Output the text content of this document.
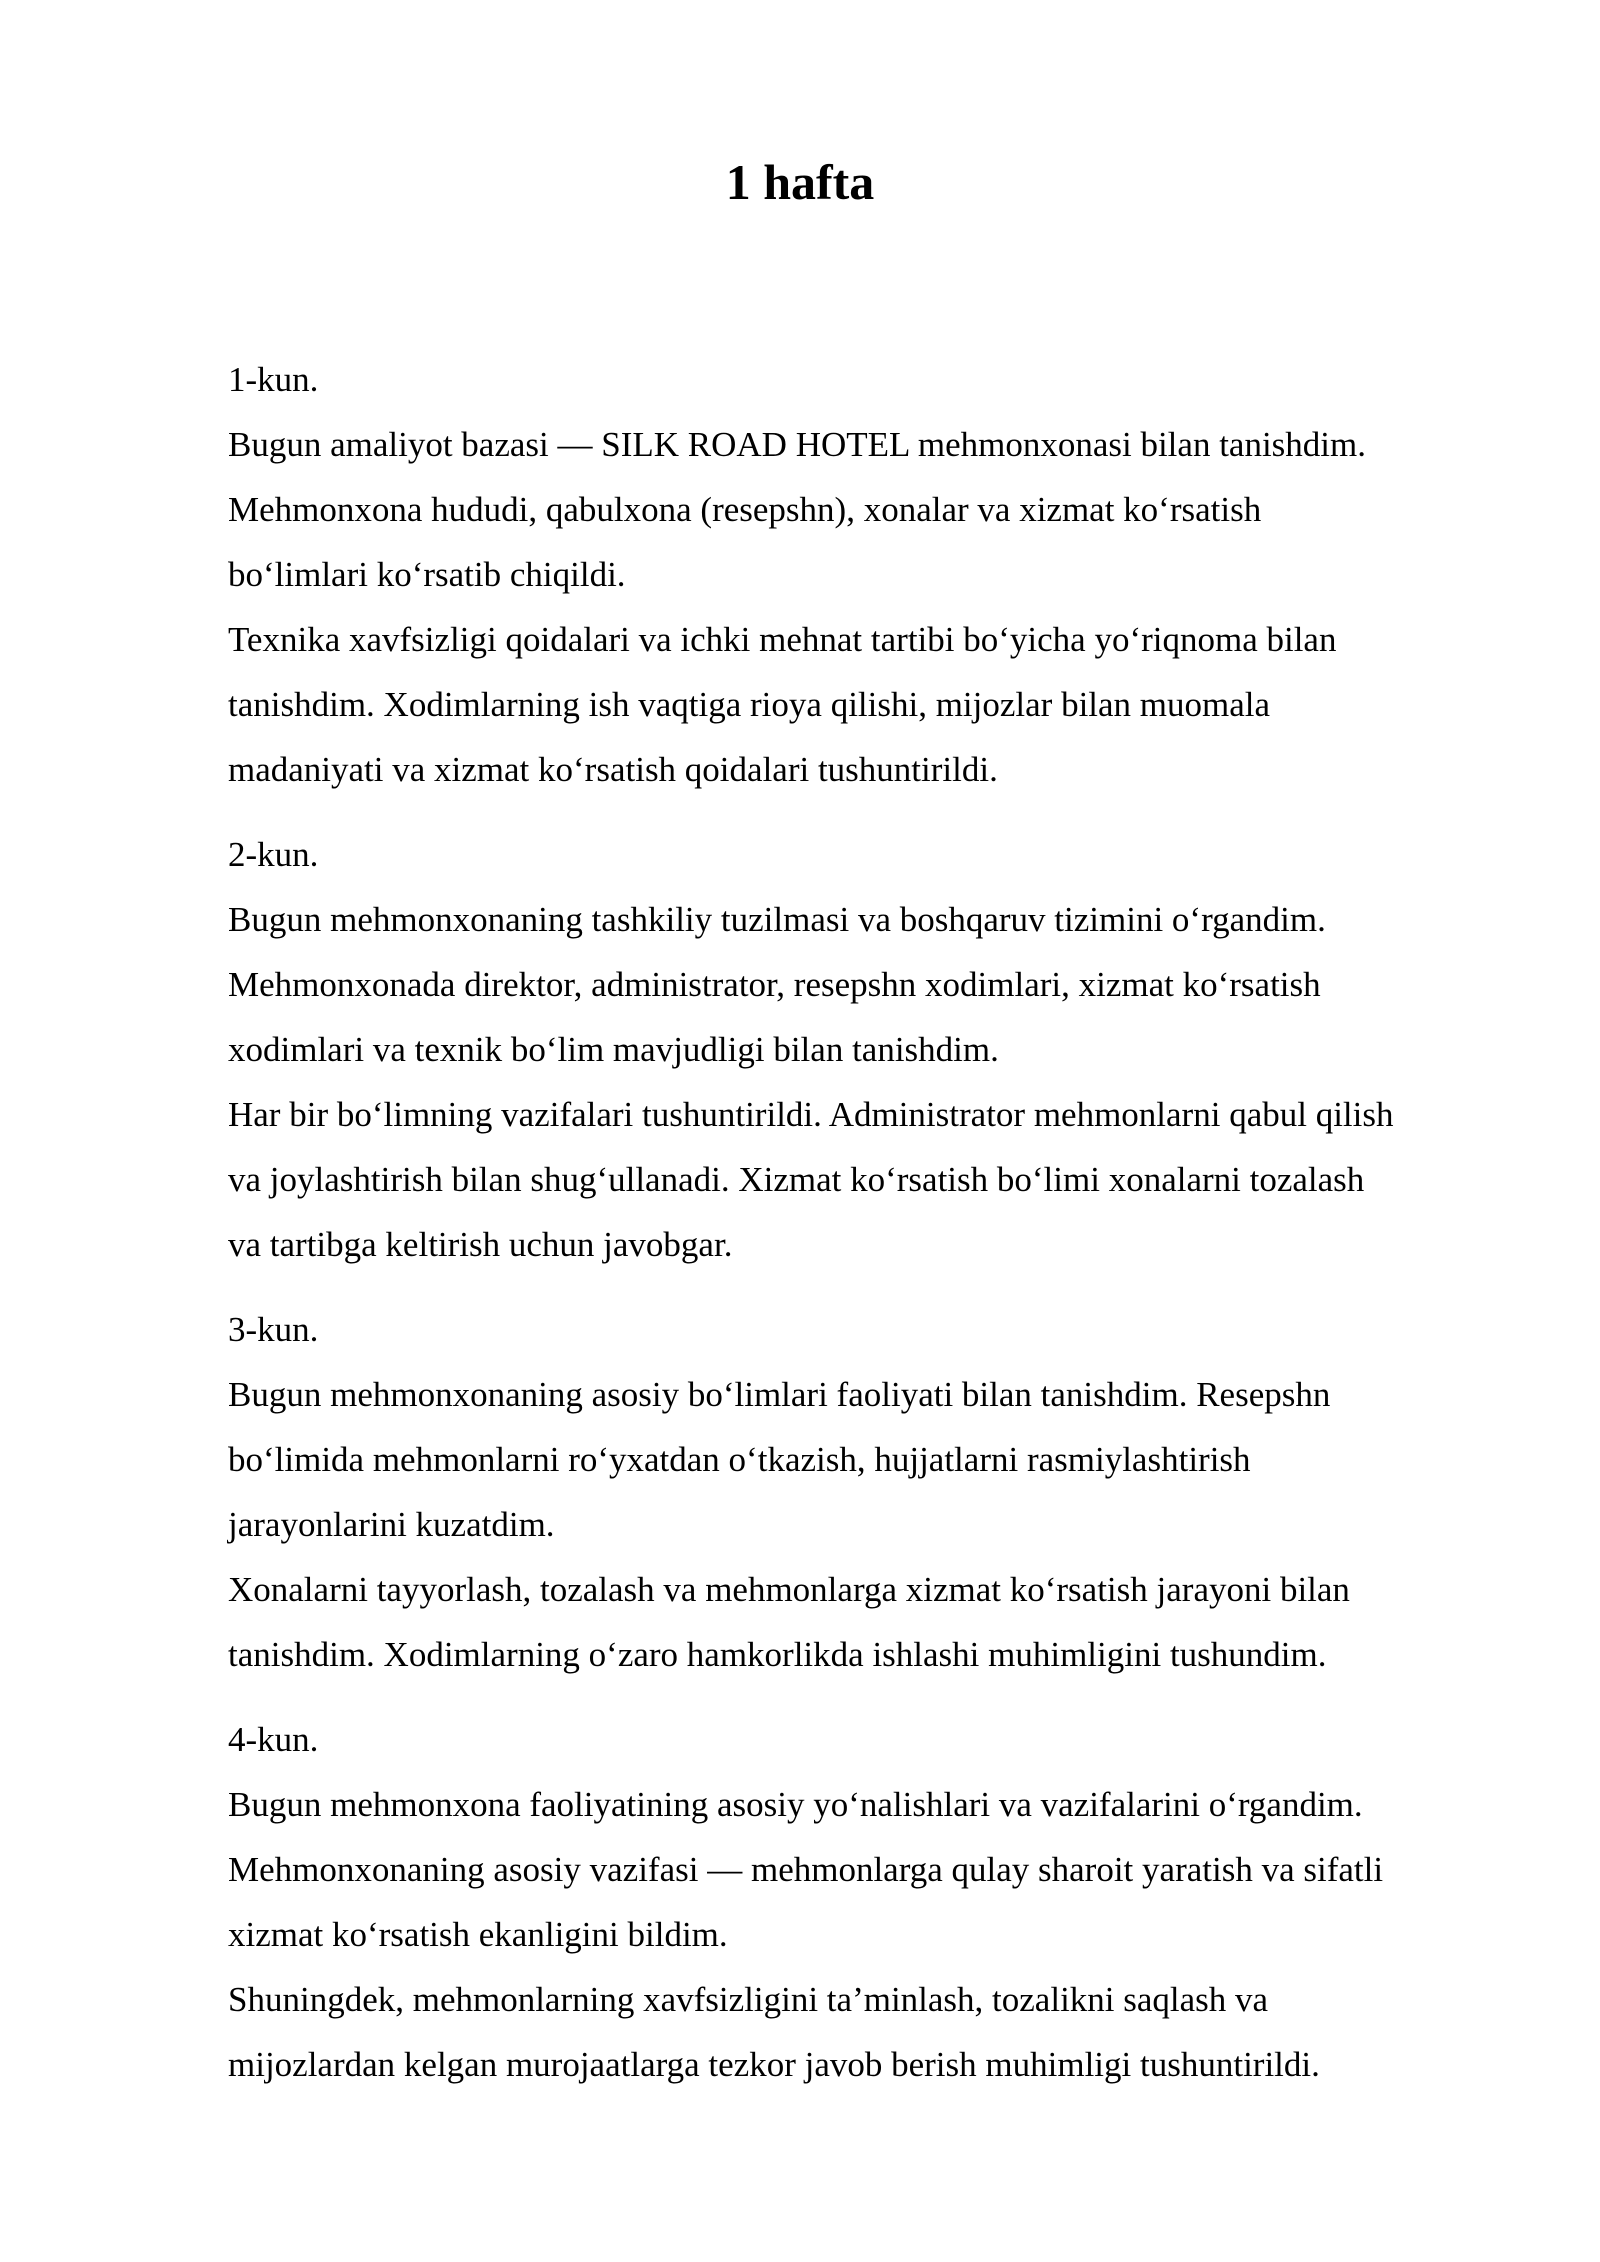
1 hafta
1-kun.
Bugun amaliyot bazasi — SILK ROAD HOTEL mehmonxonasi bilan tanishdim.
Mehmonxona hududi, qabulxona (resepshn), xonalar va xizmat ko‘rsatish
bo‘limlari ko‘rsatib chiqildi.
Texnika xavfsizligi qoidalari va ichki mehnat tartibi bo‘yicha yo‘riqnoma bilan
tanishdim. Xodimlarning ish vaqtiga rioya qilishi, mijozlar bilan muomala
madaniyati va xizmat ko‘rsatish qoidalari tushuntirildi.
2-kun.
Bugun mehmonxonaning tashkiliy tuzilmasi va boshqaruv tizimini o‘rgandim.
Mehmonxonada direktor, administrator, resepshn xodimlari, xizmat ko‘rsatish
xodimlari va texnik bo‘lim mavjudligi bilan tanishdim.
Har bir bo‘limning vazifalari tushuntirildi. Administrator mehmonlarni qabul qilish
va joylashtirish bilan shug‘ullanadi. Xizmat ko‘rsatish bo‘limi xonalarni tozalash
va tartibga keltirish uchun javobgar.
3-kun.
Bugun mehmonxonaning asosiy bo‘limlari faoliyati bilan tanishdim. Resepshn
bo‘limida mehmonlarni ro‘yxatdan o‘tkazish, hujjatlarni rasmiylashtirish
jarayonlarini kuzatdim.
Xonalarni tayyorlash, tozalash va mehmonlarga xizmat ko‘rsatish jarayoni bilan
tanishdim. Xodimlarning o‘zaro hamkorlikda ishlashi muhimligini tushundim.
4-kun.
Bugun mehmonxona faoliyatining asosiy yo‘nalishlari va vazifalarini o‘rgandim.
Mehmonxonaning asosiy vazifasi — mehmonlarga qulay sharoit yaratish va sifatli
xizmat ko‘rsatish ekanligini bildim.
Shuningdek, mehmonlarning xavfsizligini ta’minlash, tozalikni saqlash va
mijozlardan kelgan murojaatlarga tezkor javob berish muhimligi tushuntirildi.
